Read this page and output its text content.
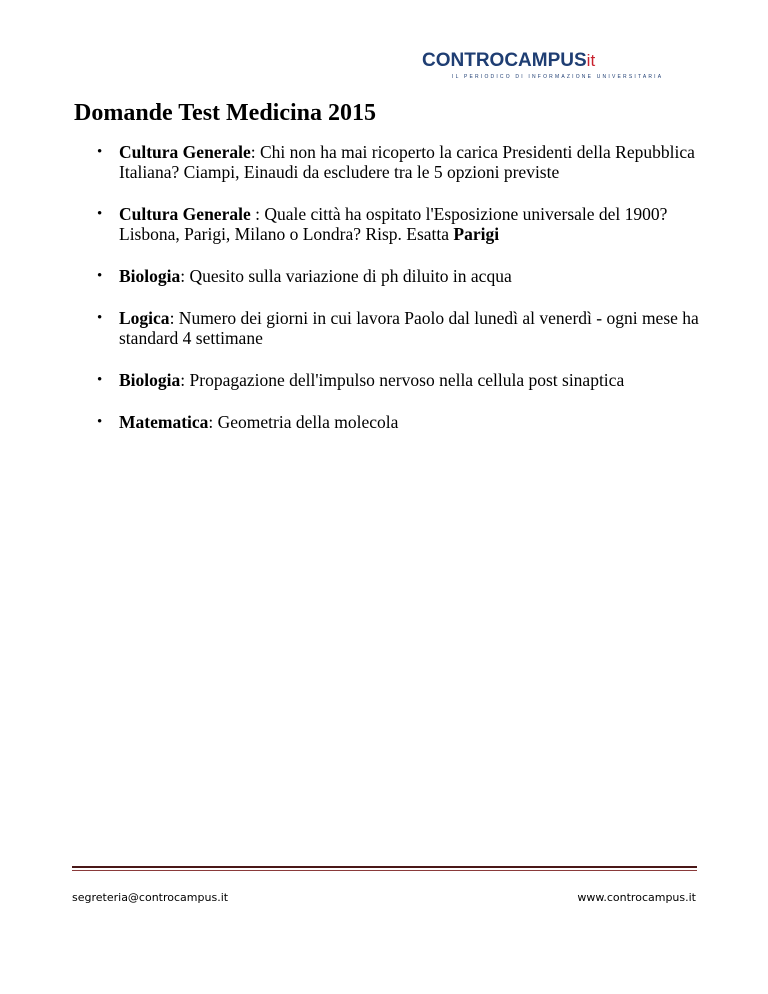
CONTROCAMPUSit
IL PERIODICO DI INFORMAZIONE UNIVERSITARIA
Domande Test Medicina 2015
• Cultura Generale: Chi non ha mai ricoperto la carica Presidenti della Repubblica Italiana? Ciampi, Einaudi da escludere tra le 5 opzioni previste
• Cultura Generale : Quale città ha ospitato l'Esposizione universale del 1900? Lisbona, Parigi, Milano o Londra? Risp. Esatta Parigi
• Biologia: Quesito sulla variazione di ph diluito in acqua
• Logica: Numero dei giorni in cui lavora Paolo dal lunedì al venerdì - ogni mese ha standard 4 settimane
• Biologia: Propagazione dell'impulso nervoso nella cellula post sinaptica
• Matematica: Geometria della molecola
segreteria@controcampus.it	www.controcampus.it
